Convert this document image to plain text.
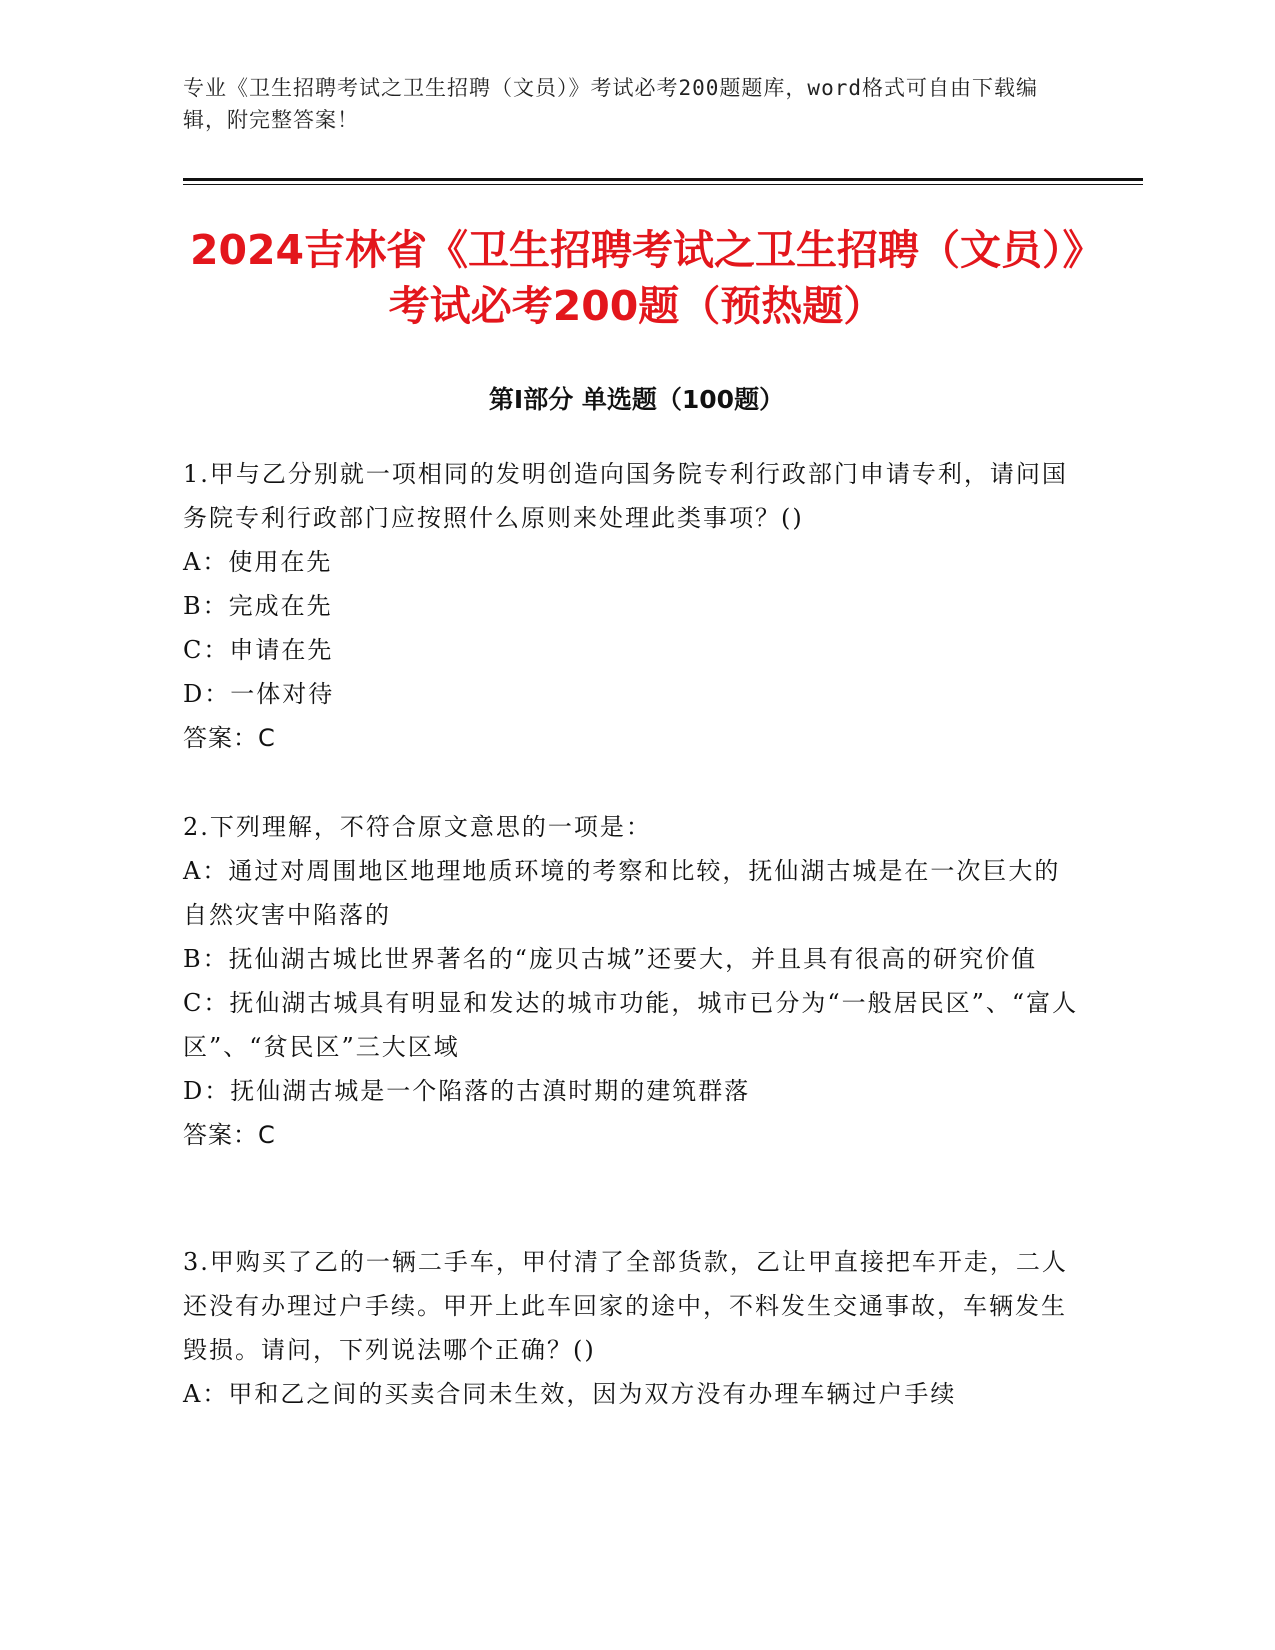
专业《卫生招聘考试之卫生招聘（文员）》考试必考200题题库，word格式可自由下载编辑，附完整答案！
2024吉林省《卫生招聘考试之卫生招聘（文员）》考试必考200题（预热题）
第Ⅰ部分 单选题（100题）

1.甲与乙分别就一项相同的发明创造向国务院专利行政部门申请专利，请问国务院专利行政部门应按照什么原则来处理此类事项？()

A：使用在先

B：完成在先

C：申请在先

D：一体对待

答案：C

2.下列理解，不符合原文意思的一项是：

A：通过对周围地区地理地质环境的考察和比较，抚仙湖古城是在一次巨大的自然灾害中陷落的

B：抚仙湖古城比世界著名的“庞贝古城”还要大，并且具有很高的研究价值

C：抚仙湖古城具有明显和发达的城市功能，城市已分为“一般居民区”、“富人区”、“贫民区”三大区域

D：抚仙湖古城是一个陷落的古滇时期的建筑群落

答案：C

3.甲购买了乙的一辆二手车，甲付清了全部货款，乙让甲直接把车开走，二人还没有办理过户手续。甲开上此车回家的途中，不料发生交通事故，车辆发生毁损。请问，下列说法哪个正确？()

A：甲和乙之间的买卖合同未生效，因为双方没有办理车辆过户手续
